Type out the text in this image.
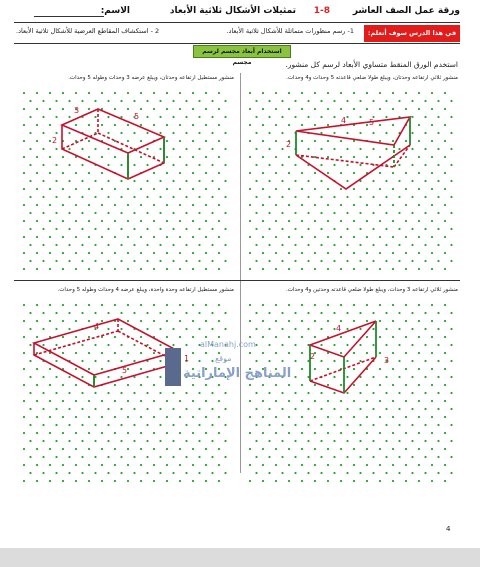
ورقة عمل الصف العاشر
1-8
تمثيلات الأشكال ثلاثية الأبعاد
الاسم:
في هذا الدرس سوف أتعلم:
1- رسم منظورات متماثلة للأشكال ثلاثية الأبعاد.
2 - استكشاف المقاطع العرضية للأشكال ثلاثية الأبعاد.
استخدام أبعاد مجسم لرسم مجسم	استخدم الورق المنقط متساوي الأبعاد لرسم كل منشور.
منشور ثلاثي ارتفاعه وحدتان، ويبلغ طولا ضلعي قاعدته 5 وحدات و4 وحدات.
4	5
2
منشور مستطيل ارتفاعه وحدتان، ويبلغ عرضه 3 وحدات وطوله 5 وحدات.
3
5
2
منشور ثلاثي ارتفاعه 3 وحدات، ويبلغ طولا ضلعي قاعدته وحدتين و4 وحدات.
4
2	3
منشور مستطيل ارتفاعه وحدة واحدة، ويبلغ عرضه 4 وحدات وطوله 5 وحدات.
4
5
1
alManahj.com
موقع
المناهج الإماراتية
4
